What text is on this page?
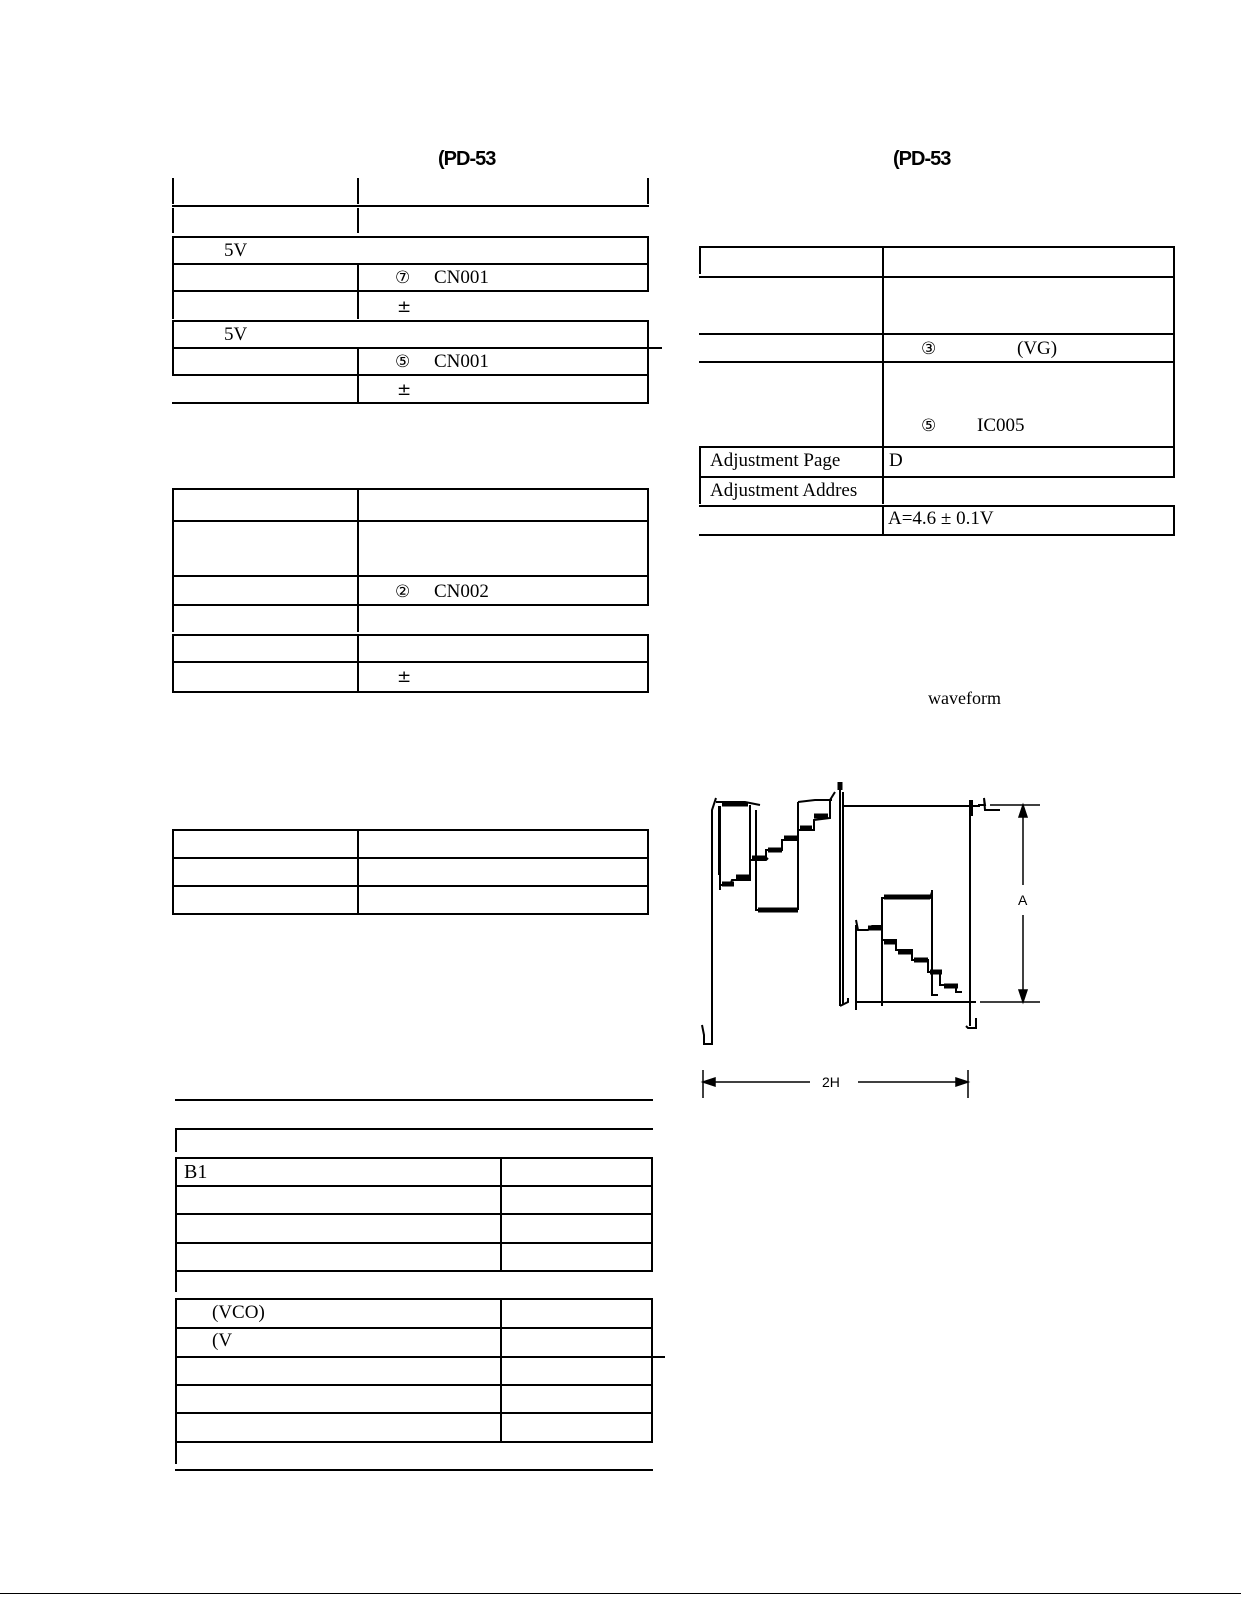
(PD-53
5V
⑦ CN001
±
5V
⑤ CN001
±
② CN002
±
B1
(VCO)
(V
(PD-53
③	(VG)
⑤ IC005
Adjustment Page	D
Adjustment Addres
A=4.6 ± 0.1V
waveform
A
2H
